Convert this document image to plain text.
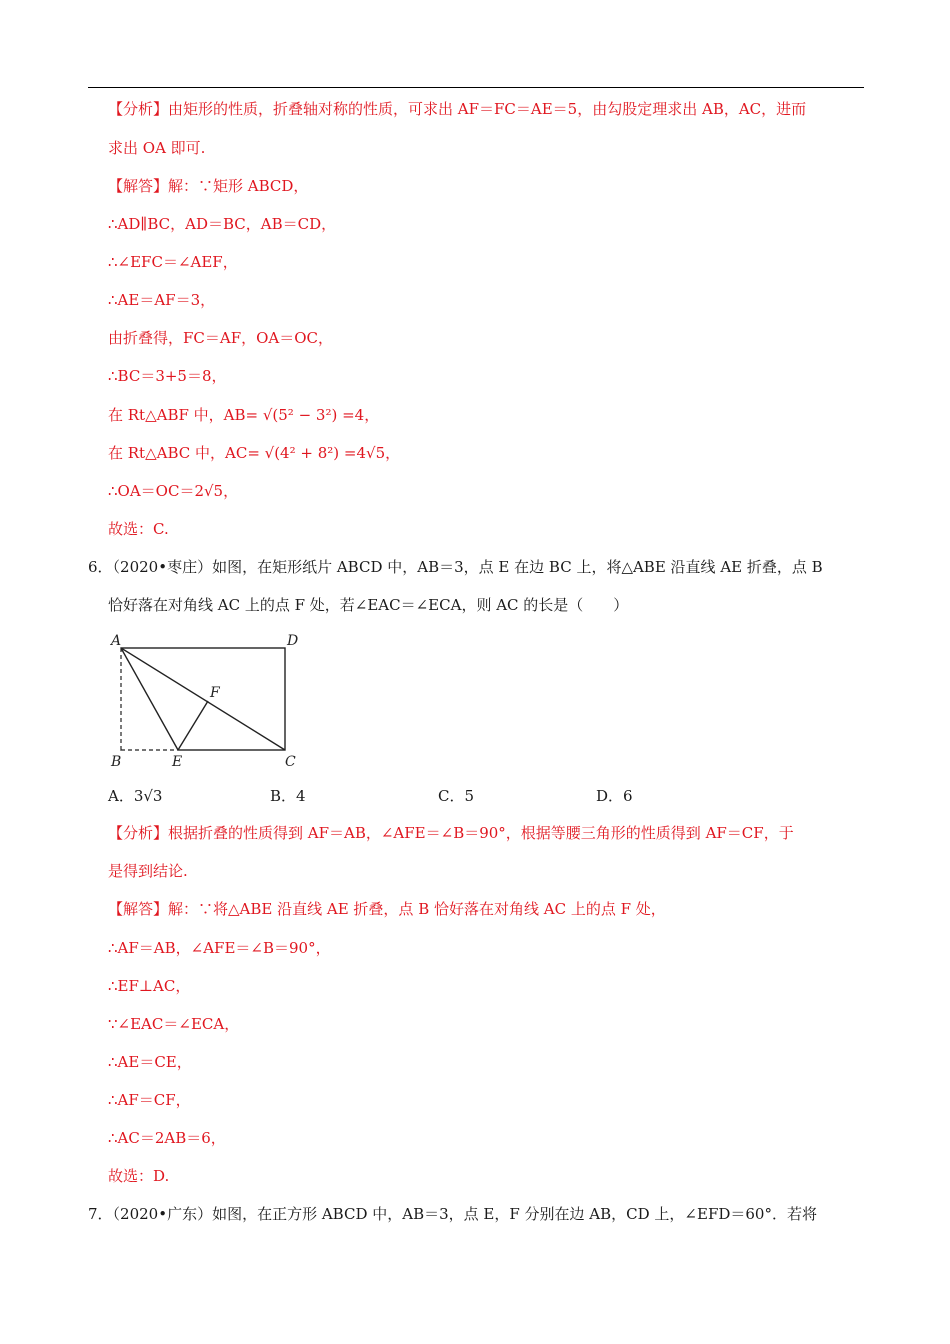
【分析】由矩形的性质，折叠轴对称的性质，可求出 AF＝FC＝AE＝5，由勾股定理求出 AB，AC，进而
求出 OA 即可.
【解答】解：∵矩形 ABCD，
∴AD∥BC，AD＝BC，AB＝CD，
∴∠EFC＝∠AEF，
∴AE＝AF＝3，
由折叠得，FC＝AF，OA＝OC，
∴BC＝3+5＝8，
在 Rt△ABF 中，AB= √(5² − 3²) =4，
在 Rt△ABC 中，AC= √(4² + 8²) =4√5，
∴OA＝OC＝2√5，
故选：C.
6．（2020•枣庄）如图，在矩形纸片 ABCD 中，AB＝3，点 E 在边 BC 上，将△ABE 沿直线 AE 折叠，点 B
恰好落在对角线 AC 上的点 F 处，若∠EAC＝∠ECA，则 AC 的长是（　　）
A	D
B	E	C
F
A．3√3	B．4	C．5	D．6
【分析】根据折叠的性质得到 AF＝AB，∠AFE＝∠B＝90°，根据等腰三角形的性质得到 AF＝CF，于
是得到结论.
【解答】解：∵将△ABE 沿直线 AE 折叠，点 B 恰好落在对角线 AC 上的点 F 处，
∴AF＝AB，∠AFE＝∠B＝90°，
∴EF⊥AC，
∵∠EAC＝∠ECA，
∴AE＝CE，
∴AF＝CF，
∴AC＝2AB＝6，
故选：D.
7．（2020•广东）如图，在正方形 ABCD 中，AB＝3，点 E，F 分别在边 AB，CD 上，∠EFD＝60°．若将
